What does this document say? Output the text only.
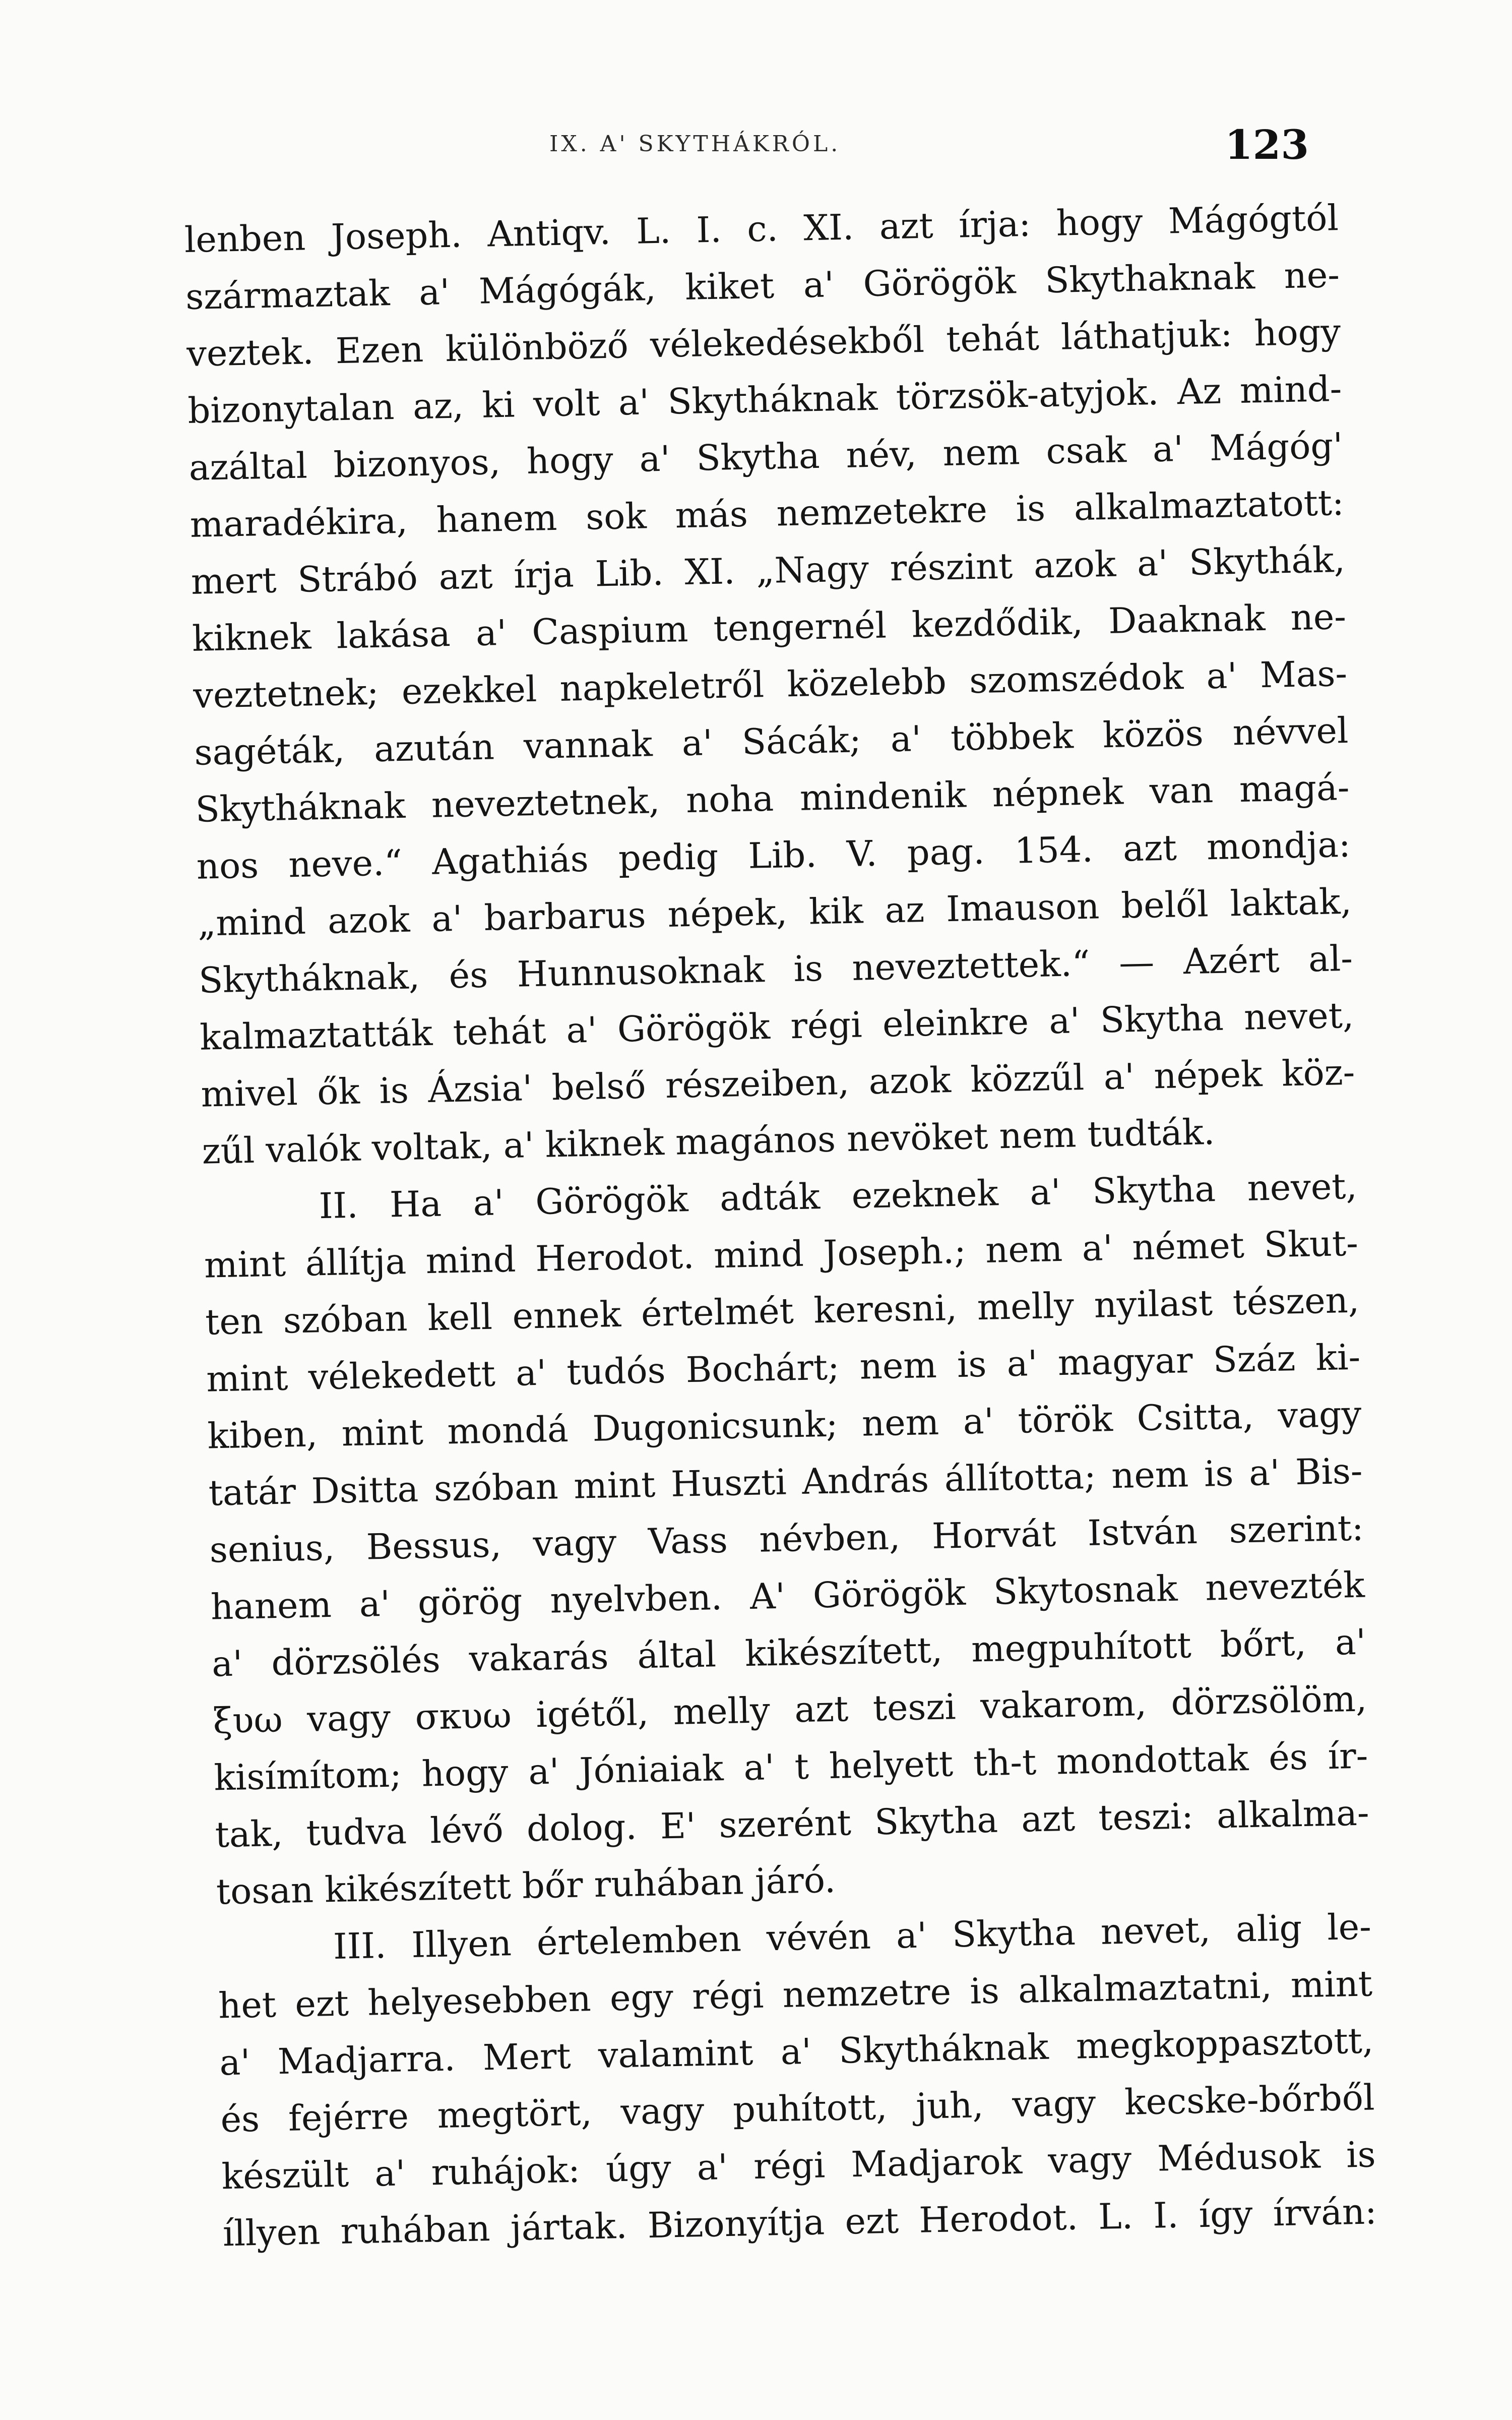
IX. A' SKYTHÁKRÓL.	123
lenben Joseph. Antiqv. L. I. c. XI. azt írja: hogy Mágógtól
származtak a' Mágógák, kiket a' Görögök Skythaknak ne-
veztek. Ezen különböző vélekedésekből tehát láthatjuk: hogy
bizonytalan az, ki volt a' Skytháknak törzsök-atyjok. Az mind-
azáltal bizonyos, hogy a' Skytha név, nem csak a' Mágóg'
maradékira, hanem sok más nemzetekre is alkalmaztatott:
mert Strábó azt írja Lib. XI. „Nagy részint azok a' Skythák,
kiknek lakása a' Caspium tengernél kezdődik, Daaknak ne-
veztetnek; ezekkel napkeletről közelebb szomszédok a' Mas-
sagéták, azután vannak a' Sácák; a' többek közös névvel
Skytháknak neveztetnek, noha mindenik népnek van magá-
nos neve.“ Agathiás pedig Lib. V. pag. 154. azt mondja:
„mind azok a' barbarus népek, kik az Imauson belől laktak,
Skytháknak, és Hunnusoknak is neveztettek.“ — Azért al-
kalmaztatták tehát a' Görögök régi eleinkre a' Skytha nevet,
mivel ők is Ázsia' belső részeiben, azok közzűl a' népek köz-
zűl valók voltak, a' kiknek magános nevöket nem tudták.
II. Ha a' Görögök adták ezeknek a' Skytha nevet,
mint állítja mind Herodot. mind Joseph.; nem a' német Skut-
ten szóban kell ennek értelmét keresni, melly nyilast tészen,
mint vélekedett a' tudós Bochárt; nem is a' magyar Száz ki-
kiben, mint mondá Dugonicsunk; nem a' török Csitta, vagy
tatár Dsitta szóban mint Huszti András állította; nem is a' Bis-
senius, Bessus, vagy Vass névben, Horvát István szerint:
hanem a' görög nyelvben. A' Görögök Skytosnak nevezték
a' dörzsölés vakarás által kikészített, megpuhított bőrt, a'
ξυω vagy σκυω igétől, melly azt teszi vakarom, dörzsölöm,
kisímítom; hogy a' Jóniaiak a' t helyett th-t mondottak és ír-
tak, tudva lévő dolog. E' szerént Skytha azt teszi: alkalma-
tosan kikészített bőr ruhában járó.
III. Illyen értelemben vévén a' Skytha nevet, alig le-
het ezt helyesebben egy régi nemzetre is alkalmaztatni, mint
a' Madjarra. Mert valamint a' Skytháknak megkoppasztott,
és fejérre megtört, vagy puhított, juh, vagy kecske-bőrből
készült a' ruhájok: úgy a' régi Madjarok vagy Médusok is
íllyen ruhában jártak. Bizonyítja ezt Herodot. L. I. így írván:
